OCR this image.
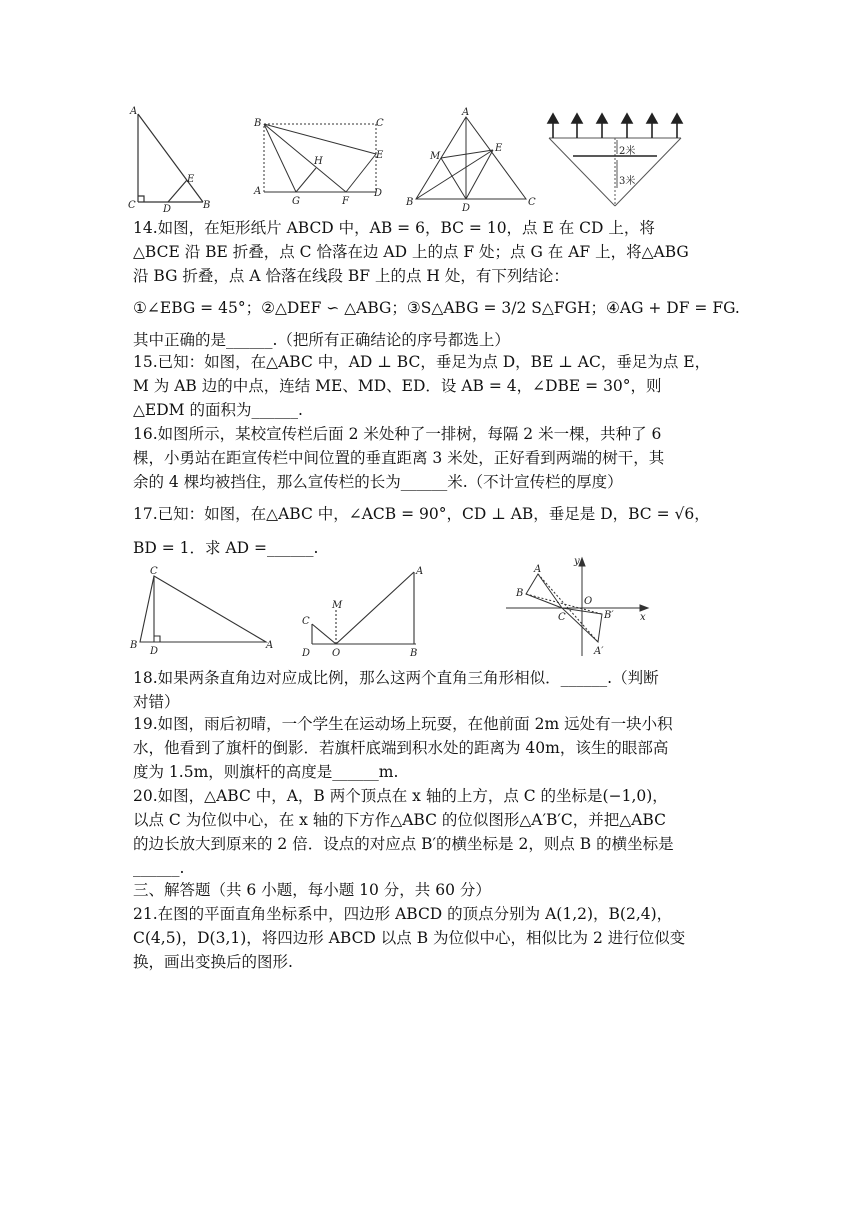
A
C	D	B
E
B	C
A
G	F
D
E
H
A
M
E
B
D
C
2米
3米
14.如图，在矩形纸片 ABCD 中，AB = 6，BC = 10，点 E 在 CD 上，将
△BCE 沿 BE 折叠，点 C 恰落在边 AD 上的点 F 处；点 G 在 AF 上，将△ABG
沿 BG 折叠，点 A 恰落在线段 BF 上的点 H 处，有下列结论：
①∠EBG = 45°；②△DEF ∽ △ABG；③S△ABG = 3/2 S△FGH；④AG + DF = FG.
其中正确的是______.（把所有正确结论的序号都选上）
15.已知：如图，在△ABC 中，AD ⊥ BC，垂足为点 D，BE ⊥ AC，垂足为点 E，
M 为 AB 边的中点，连结 ME、MD、ED．设 AB = 4，∠DBE = 30°，则
△EDM 的面积为______.
16.如图所示，某校宣传栏后面 2 米处种了一排树，每隔 2 米一棵，共种了 6
棵，小勇站在距宣传栏中间位置的垂直距离 3 米处，正好看到两端的树干，其
余的 4 棵均被挡住，那么宣传栏的长为______米.（不计宣传栏的厚度）
17.已知：如图，在△ABC 中，∠ACB = 90°，CD ⊥ AB，垂足是 D，BC = √6，
BD = 1．求 AD =______.
C
B
D
A
C
M
A
D O	B
y
A
B
C
O
x
B′
A′
18.如果两条直角边对应成比例，那么这两个直角三角形相似．______.（判断
对错）
19.如图，雨后初晴，一个学生在运动场上玩耍，在他前面 2m 远处有一块小积
水，他看到了旗杆的倒影．若旗杆底端到积水处的距离为 40m，该生的眼部高
度为 1.5m，则旗杆的高度是______m.
20.如图，△ABC 中，A，B 两个顶点在 x 轴的上方，点 C 的坐标是(−1,0)，
以点 C 为位似中心，在 x 轴的下方作△ABC 的位似图形△A′B′C，并把△ABC
的边长放大到原来的 2 倍．设点的对应点 B′的横坐标是 2，则点 B 的横坐标是
______.
三、解答题（共 6 小题，每小题 10 分，共 60 分）
21.在图的平面直角坐标系中，四边形 ABCD 的顶点分别为 A(1,2)，B(2,4)，
C(4,5)，D(3,1)，将四边形 ABCD 以点 B 为位似中心，相似比为 2 进行位似变
换，画出变换后的图形.
